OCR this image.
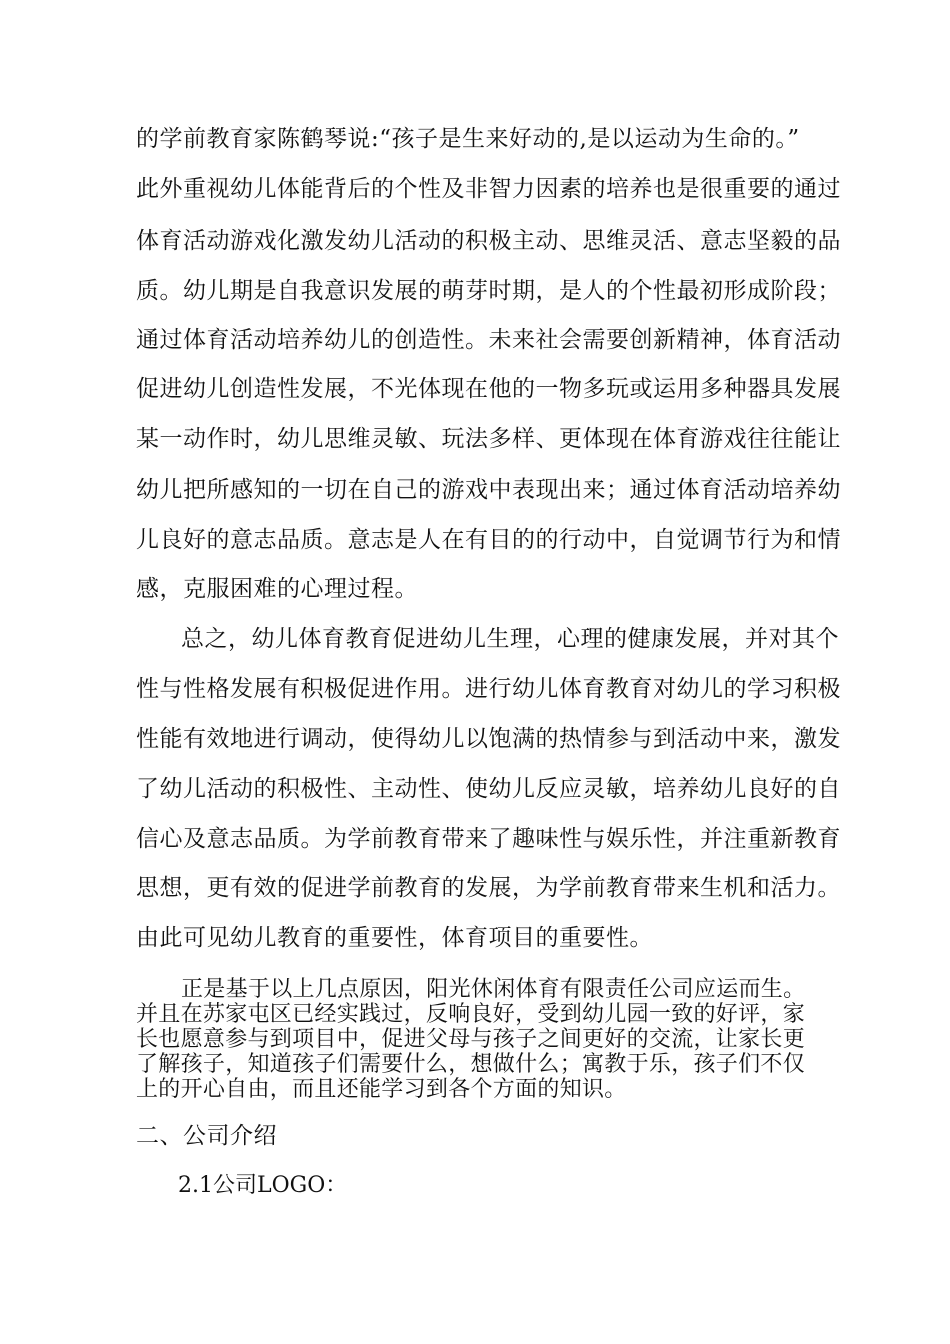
的学前教育家陈鹤琴说:“孩子是生来好动的,是以运动为生命的。”
此外重视幼儿体能背后的个性及非智力因素的培养也是很重要的通过
体育活动游戏化激发幼儿活动的积极主动、思维灵活、意志坚毅的品
质。幼儿期是自我意识发展的萌芽时期，是人的个性最初形成阶段；
通过体育活动培养幼儿的创造性。未来社会需要创新精神，体育活动
促进幼儿创造性发展，不光体现在他的一物多玩或运用多种器具发展
某一动作时，幼儿思维灵敏、玩法多样、更体现在体育游戏往往能让
幼儿把所感知的一切在自己的游戏中表现出来；通过体育活动培养幼
儿良好的意志品质。意志是人在有目的的行动中，自觉调节行为和情
感，克服困难的心理过程。
总之，幼儿体育教育促进幼儿生理，心理的健康发展，并对其个
性与性格发展有积极促进作用。进行幼儿体育教育对幼儿的学习积极
性能有效地进行调动，使得幼儿以饱满的热情参与到活动中来，激发
了幼儿活动的积极性、主动性、使幼儿反应灵敏，培养幼儿良好的自
信心及意志品质。为学前教育带来了趣味性与娱乐性，并注重新教育
思想，更有效的促进学前教育的发展，为学前教育带来生机和活力。
由此可见幼儿教育的重要性，体育项目的重要性。
正是基于以上几点原因，阳光休闲体育有限责任公司应运而生。
并且在苏家屯区已经实践过，反响良好，受到幼儿园一致的好评，家
长也愿意参与到项目中，促进父母与孩子之间更好的交流，让家长更
了解孩子，知道孩子们需要什么，想做什么；寓教于乐，孩子们不仅
上的开心自由，而且还能学习到各个方面的知识。
二、公司介绍
2.1公司LOGO：
